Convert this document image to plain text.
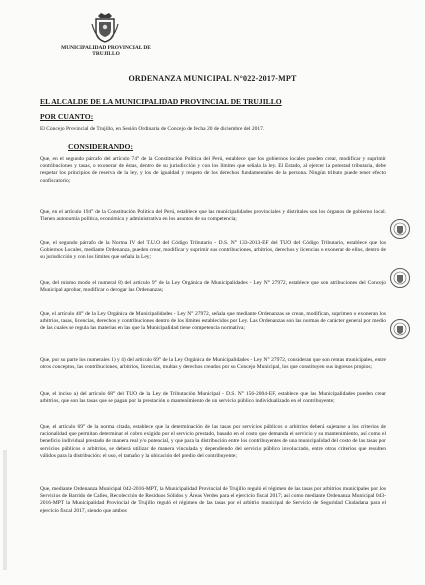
MUNICIPALIDAD PROVINCIAL DE TRUJILLO
ORDENANZA MUNICIPAL N°022-2017-MPT
EL ALCALDE DE LA MUNICIPALIDAD PROVINCIAL DE TRUJILLO
POR CUANTO:
El Concejo Provincial de Trujillo, en Sesión Ordinaria de Concejo de fecha 20 de diciembre del 2017.
CONSIDERANDO:
Que, en el segundo párrafo del artículo 74° de la Constitución Política del Perú, establece que los gobiernos locales pueden crear, modificar y suprimir contribuciones y tasas, o exonerar de éstas, dentro de su jurisdicción y con los límites que señala la ley. El Estado, al ejercer la potestad tributaria, debe respetar los principios de reserva de la ley, y los de igualdad y respeto de los derechos fundamentales de la persona. Ningún tributo puede tener efecto confiscatorio;
Que, en el artículo 194° de la Constitución Política del Perú, establece que las municipalidades provinciales y distritales son los órganos de gobierno local. Tienen autonomía política, económica y administrativa en los asuntos de su competencia;
Que, el segundo párrafo de la Norma IV del T.U.O del Código Tributario - D.S. N° 133-2013-EF del TUO del Código Tributario, establece que los Gobiernos Locales, mediante Ordenanza, pueden crear, modificar y suprimir sus contribuciones, arbitrios, derechos y licencias o exonerar de ellos, dentro de su jurisdicción y con los límites que señala la Ley;
Que, del mismo modo el numeral 8) del artículo 9° de la Ley Orgánica de Municipalidades - Ley N° 27972, establece que son atribuciones del Concejo Municipal aprobar, modificar o derogar las Ordenanzas;
Que, el artículo 40° de la Ley Orgánica de Municipalidades - Ley N° 27972, señala que mediante Ordenanzas se crean, modifican, suprimen o exoneran los arbitrios, tasas, licencias, derechos y contribuciones dentro de los límites establecidos por Ley. Las Ordenanzas son las normas de carácter general por medio de las cuales se regula las materias en las que la Municipalidad tiene competencia normativa;
Que, por su parte los numerales 1) y 4) del artículo 69° de la Ley Orgánica de Municipalidades - Ley N° 27972, consideran que son rentas municipales, entre otros conceptos, las contribuciones, arbitrios, licencias, multas y derechos creados por su Concejo Municipal, los que constituyen sus ingresos propios;
Que, el inciso a) del artículo 68° del TUO de la Ley de Tributación Municipal - D.S. N° 156-2004-EF, establece que las Municipalidades pueden crear arbitrios, que son las tasas que se pagan por la prestación o mantenimiento de un servicio público individualizado en el contribuyente;
Que, el artículo 69° de la norma citada, establece que la determinación de las tasas por servicios públicos o arbitrios deberá sujetarse a los criterios de racionalidad que permitan determinar el cobro exigido por el servicio prestado, basado en el costo que demanda el servicio y su mantenimiento, así como el beneficio individual prestado de manera real y/o potencial, y que para la distribución entre los contribuyentes de una municipalidad del costo de las tasas por servicios públicos o arbitrios, se deberá utilizar de manera vinculada y dependiendo del servicio público involucrado, entre otros criterios que resulten válidos para la distribución: el uso, el tamaño y la ubicación del predio del contribuyente;
Que, mediante Ordenanza Municipal 042-2016-MPT, la Municipalidad Provincial de Trujillo reguló el régimen de las tasas por arbitrios municipales por los Servicios de Barrido de Calles, Recolección de Residuos Sólidos y Áreas Verdes para el ejercicio fiscal 2017; así como mediante Ordenanza Municipal 043-2016-MPT la Municipalidad Provincial de Trujillo reguló el régimen de las tasas por el arbitrio municipal de Servicio de Seguridad Ciudadana para el ejercicio fiscal 2017, siendo que ambos
